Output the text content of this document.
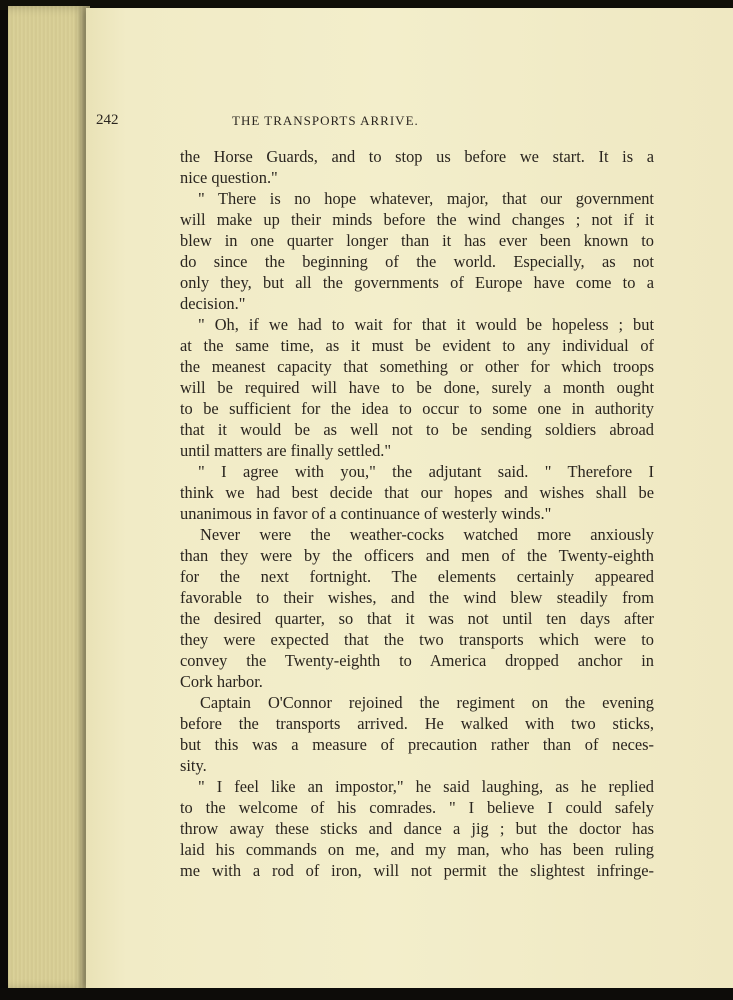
242	THE TRANSPORTS ARRIVE.
the Horse Guards, and to stop us before we start. It is a
nice question."
" There is no hope whatever, major, that our government
will make up their minds before the wind changes ; not if it
blew in one quarter longer than it has ever been known to
do since the beginning of the world. Especially, as not
only they, but all the governments of Europe have come to a
decision."
" Oh, if we had to wait for that it would be hopeless ; but
at the same time, as it must be evident to any individual of
the meanest capacity that something or other for which troops
will be required will have to be done, surely a month ought
to be sufficient for the idea to occur to some one in authority
that it would be as well not to be sending soldiers abroad
until matters are finally settled."
" I agree with you," the adjutant said. " Therefore I
think we had best decide that our hopes and wishes shall be
unanimous in favor of a continuance of westerly winds."
Never were the weather-cocks watched more anxiously
than they were by the officers and men of the Twenty-eighth
for the next fortnight. The elements certainly appeared
favorable to their wishes, and the wind blew steadily from
the desired quarter, so that it was not until ten days after
they were expected that the two transports which were to
convey the Twenty-eighth to America dropped anchor in
Cork harbor.
Captain O'Connor rejoined the regiment on the evening
before the transports arrived. He walked with two sticks,
but this was a measure of precaution rather than of neces-
sity.
" I feel like an impostor," he said laughing, as he replied
to the welcome of his comrades. " I believe I could safely
throw away these sticks and dance a jig ; but the doctor has
laid his commands on me, and my man, who has been ruling
me with a rod of iron, will not permit the slightest infringe-
